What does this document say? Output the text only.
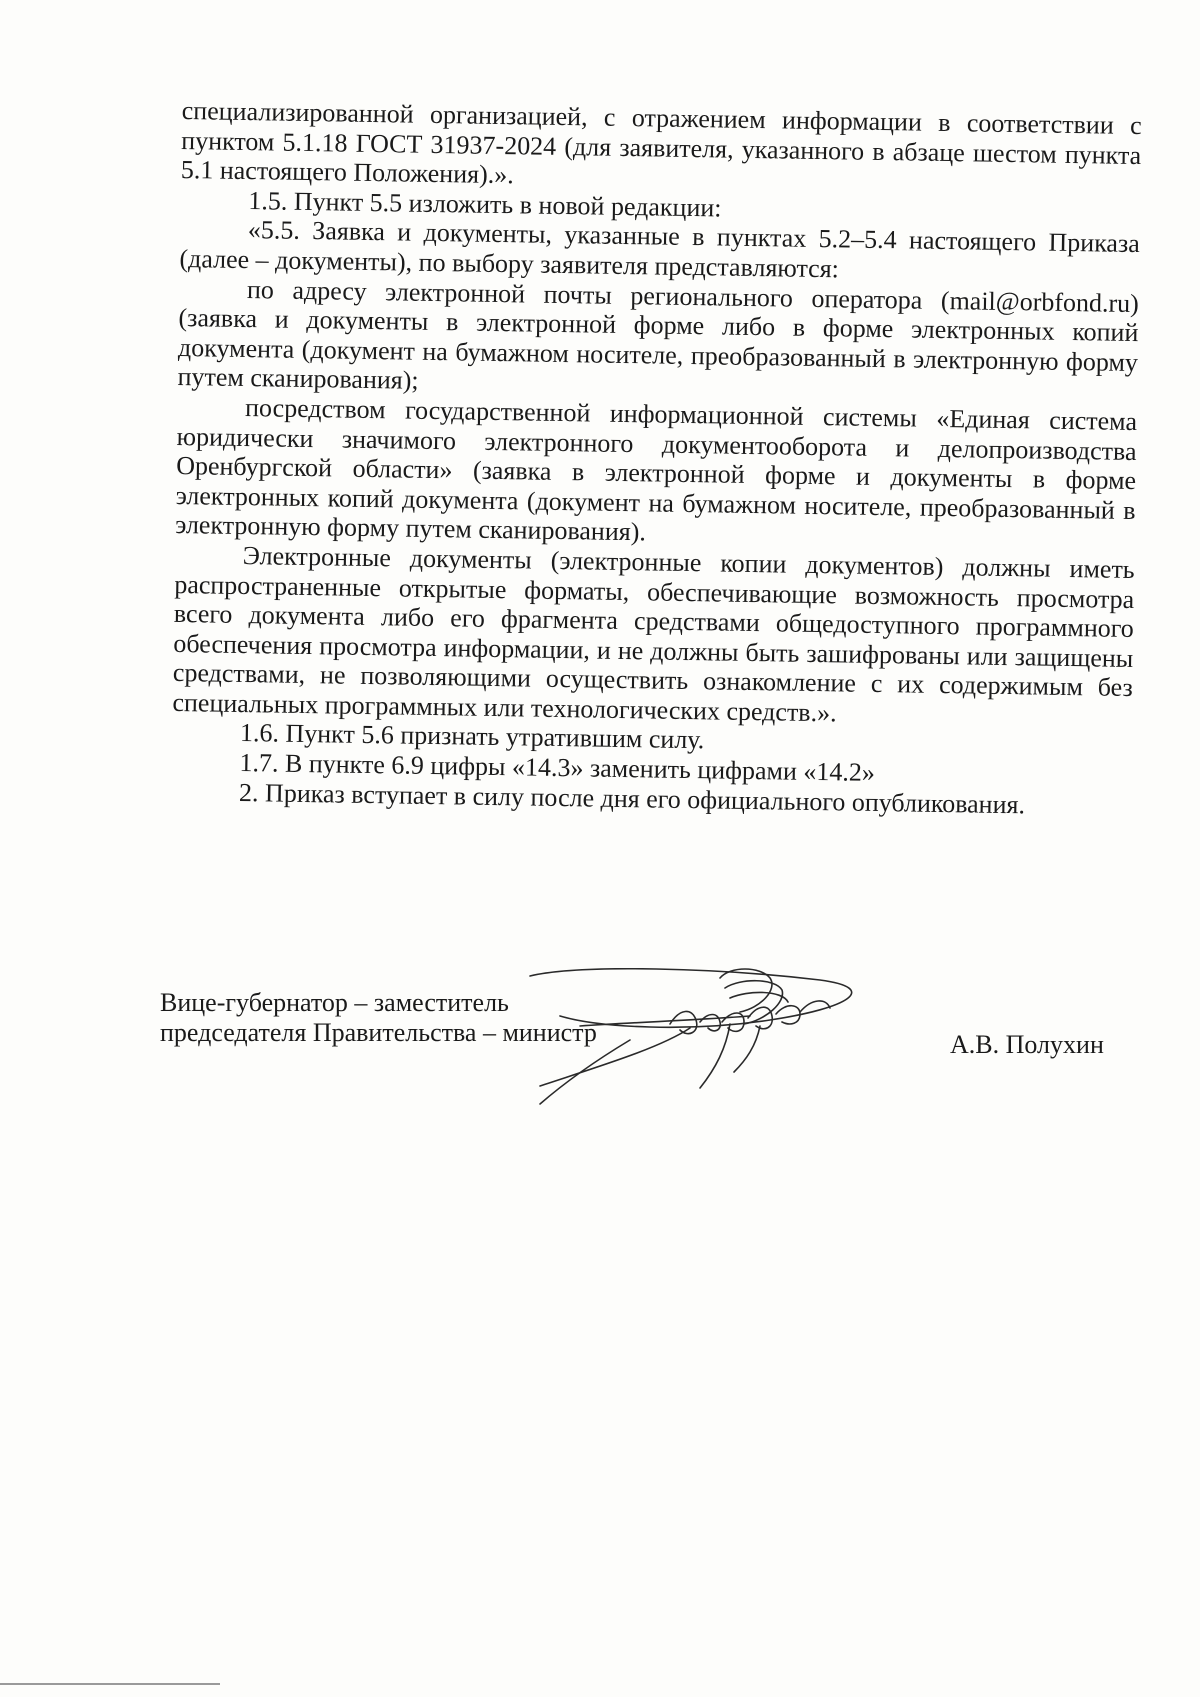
специализированной организацией, с отражением информации в соответствии с пунктом 5.1.18 ГОСТ 31937-2024 (для заявителя, указанного в абзаце шестом пункта 5.1 настоящего Положения).».

1.5. Пункт 5.5 изложить в новой редакции:

«5.5. Заявка и документы, указанные в пунктах 5.2–5.4 настоящего Приказа (далее – документы), по выбору заявителя представляются:

по адресу электронной почты регионального оператора (mail@orbfond.ru) (заявка и документы в электронной форме либо в форме электронных копий документа (документ на бумажном носителе, преобразованный в электронную форму путем сканирования);

посредством государственной информационной системы «Единая система юридически значимого электронного документооборота и делопроизводства Оренбургской области» (заявка в электронной форме и документы в форме электронных копий документа (документ на бумажном носителе, преобразованный в электронную форму путем сканирования).

Электронные документы (электронные копии документов) должны иметь распространенные открытые форматы, обеспечивающие возможность просмотра всего документа либо его фрагмента средствами общедоступного программного обеспечения просмотра информации, и не должны быть зашифрованы или защищены средствами, не позволяющими осуществить ознакомление с их содержимым без специальных программных или технологических средств.».

1.6. Пункт 5.6 признать утратившим силу.

1.7. В пункте 6.9 цифры «14.3» заменить цифрами «14.2»

2. Приказ вступает в силу после дня его официального опубликования.

Вице-губернатор – заместитель
председателя Правительства – министр	А.В. Полухин
